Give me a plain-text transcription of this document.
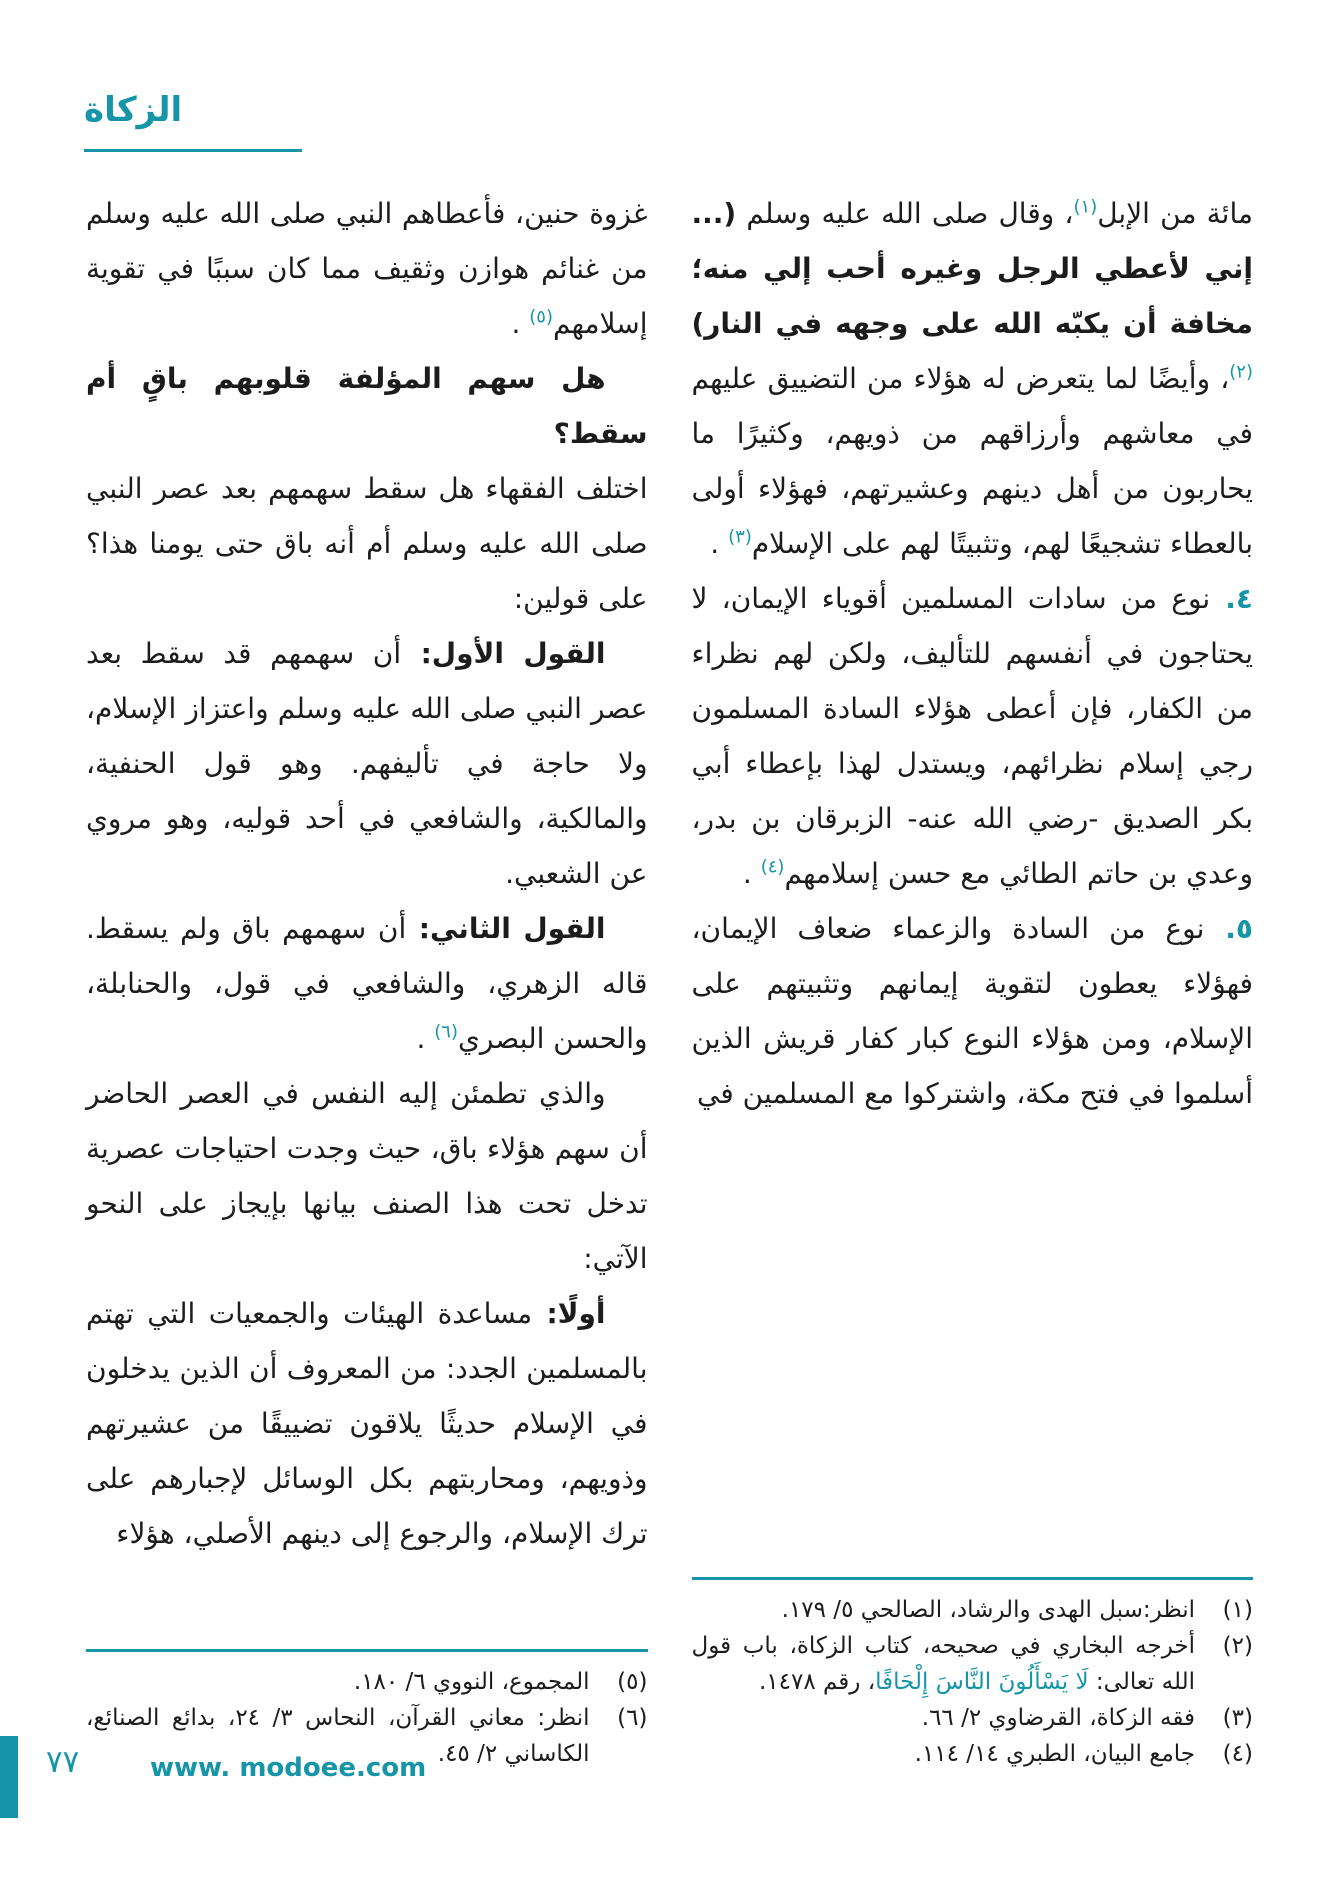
الزكاة

مائة من الإبل$^{(١)}$، وقال صلى الله عليه وسلم (... إني لأعطي الرجل وغيره أحب إلي منه؛ مخافة أن يكبّه الله على وجهه في النار)$^{(٢)}$، وأيضًا لما يتعرض له هؤلاء من التضييق عليهم في معاشهم وأرزاقهم من ذويهم، وكثيرًا ما يحاربون من أهل دينهم وعشيرتهم، فهؤلاء أولى بالعطاء تشجيعًا لهم، وتثبيتًا لهم على الإسلام$^{(٣)}$ .

٤. نوع من سادات المسلمين أقوياء الإيمان، لا يحتاجون في أنفسهم للتأليف، ولكن لهم نظراء من الكفار، فإن أعطى هؤلاء السادة المسلمون رجي إسلام نظرائهم، ويستدل لهذا بإعطاء أبي بكر الصديق -رضي الله عنه- الزبرقان بن بدر، وعدي بن حاتم الطائي مع حسن إسلامهم$^{(٤)}$ .

٥. نوع من السادة والزعماء ضعاف الإيمان، فهؤلاء يعطون لتقوية إيمانهم وتثبيتهم على الإسلام، ومن هؤلاء النوع كبار كفار قريش الذين أسلموا في فتح مكة، واشتركوا مع المسلمين في

(١)انظر:سبل الهدى والرشاد، الصالحي ٥/ ١٧٩.
(٢)أخرجه البخاري في صحيحه، كتاب الزكاة، باب قول الله تعالى: لَا يَسْأَلُونَ النَّاسَ إِلْحَافًا، رقم ١٤٧٨.
(٣)فقه الزكاة، القرضاوي ٢/ ٦٦.
(٤)جامع البيان، الطبري ١٤/ ١١٤.

غزوة حنين، فأعطاهم النبي صلى الله عليه وسلم من غنائم هوازن وثقيف مما كان سببًا في تقوية إسلامهم$^{(٥)}$ .

هل سهم المؤلفة قلوبهم باقٍ أم سقط؟

اختلف الفقهاء هل سقط سهمهم بعد عصر النبي صلى الله عليه وسلم أم أنه باق حتى يومنا هذا؟ على قولين:

القول الأول: أن سهمهم قد سقط بعد عصر النبي صلى الله عليه وسلم واعتزاز الإسلام، ولا حاجة في تأليفهم. وهو قول الحنفية، والمالكية، والشافعي في أحد قوليه، وهو مروي عن الشعبي.

القول الثاني: أن سهمهم باق ولم يسقط. قاله الزهري، والشافعي في قول، والحنابلة، والحسن البصري$^{(٦)}$ .

والذي تطمئن إليه النفس في العصر الحاضر أن سهم هؤلاء باق، حيث وجدت احتياجات عصرية تدخل تحت هذا الصنف بيانها بإيجاز على النحو الآتي:

أولًا: مساعدة الهيئات والجمعيات التي تهتم بالمسلمين الجدد: من المعروف أن الذين يدخلون في الإسلام حديثًا يلاقون تضييقًا من عشيرتهم وذويهم، ومحاربتهم بكل الوسائل لإجبارهم على ترك الإسلام، والرجوع إلى دينهم الأصلي، هؤلاء

(٥)المجموع، النووي ٦/ ١٨٠.
(٦)انظر: معاني القرآن، النحاس ٣/ ٢٤، بدائع الصنائع، الكاساني ٢/ ٤٥.
٧٧	www. modoee.com
